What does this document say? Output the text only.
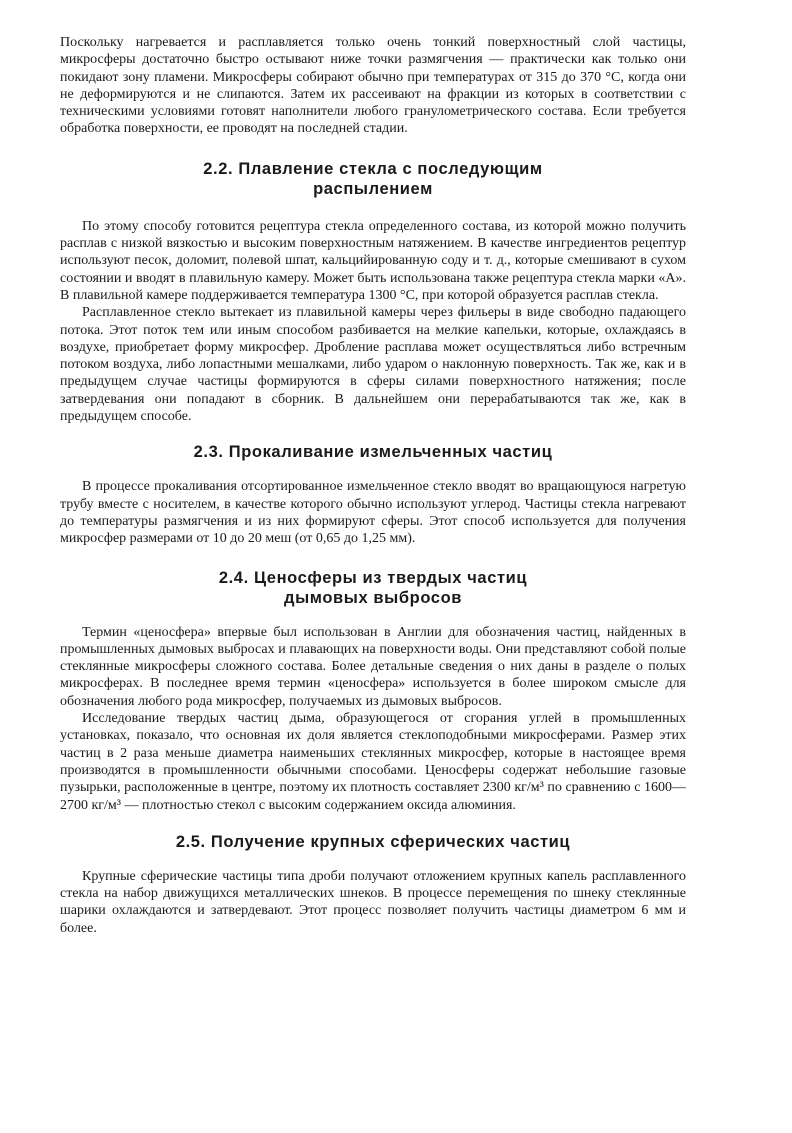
Поскольку нагревается и расплавляется только очень тонкий поверхностный слой частицы, микросферы достаточно быстро остывают ниже точки размягчения — практически как только они покидают зону пламени. Микросферы собирают обычно при температурах от 315 до 370 °С, когда они не деформируются и не слипаются. Затем их рассеивают на фракции из которых в соответствии с техническими условиями готовят наполнители любого гранулометрического состава. Если требуется обработка поверхности, ее проводят на последней стадии.

2.2. Плавление стекла с последующим
распылением

По этому способу готовится рецептура стекла определенного состава, из которой можно получить расплав с низкой вязкостью и высоким поверхностным натяжением. В качестве ингредиентов рецептур используют песок, доломит, полевой шпат, кальцийированную соду и т. д., которые смешивают в сухом состоянии и вводят в плавильную камеру. Может быть использована также рецептура стекла марки «А». В плавильной камере поддерживается температура 1300 °С, при которой образуется расплав стекла.

Расплавленное стекло вытекает из плавильной камеры через фильеры в виде свободно падающего потока. Этот поток тем или иным способом разбивается на мелкие капельки, которые, охлаждаясь в воздухе, приобретает форму микросфер. Дробление расплава может осуществляться либо встречным потоком воздуха, либо лопастными мешалками, либо ударом о наклонную поверхность. Так же, как и в предыдущем случае частицы формируются в сферы силами поверхностного натяжения; после затвердевания они попадают в сборник. В дальнейшем они перерабатываются так же, как в предыдущем способе.

2.3. Прокаливание измельченных частиц

В процессе прокаливания отсортированное измельченное стекло вводят во вращающуюся нагретую трубу вместе с носителем, в качестве которого обычно используют углерод. Частицы стекла нагревают до температуры размягчения и из них формируют сферы. Этот способ используется для получения микросфер размерами от 10 до 20 меш (от 0,65 до 1,25 мм).

2.4. Ценосферы из твердых частиц
дымовых выбросов

Термин «ценосфера» впервые был использован в Англии для обозначения частиц, найденных в промышленных дымовых выбросах и плавающих на поверхности воды. Они представляют собой полые стеклянные микросферы сложного состава. Более детальные сведения о них даны в разделе о полых микросферах. В последнее время термин «ценосфера» используется в более широком смысле для обозначения любого рода микросфер, получаемых из дымовых выбросов.

Исследование твердых частиц дыма, образующегося от сгорания углей в промышленных установках, показало, что основная их доля является стеклоподобными микросферами. Размер этих частиц в 2 раза меньше диаметра наименьших стеклянных микросфер, которые в настоящее время производятся в промышленности обычными способами. Ценосферы содержат небольшие газовые пузырьки, расположенные в центре, поэтому их плотность составляет 2300 кг/м³ по сравнению с 1600—2700 кг/м³ — плотностью стекол с высоким содержанием оксида алюминия.

2.5. Получение крупных сферических частиц

Крупные сферические частицы типа дроби получают отложением крупных капель расплавленного стекла на набор движущихся металлических шнеков. В процессе перемещения по шнеку стеклянные шарики охлаждаются и затвердевают. Этот процесс позволяет получить частицы диаметром 6 мм и более.
